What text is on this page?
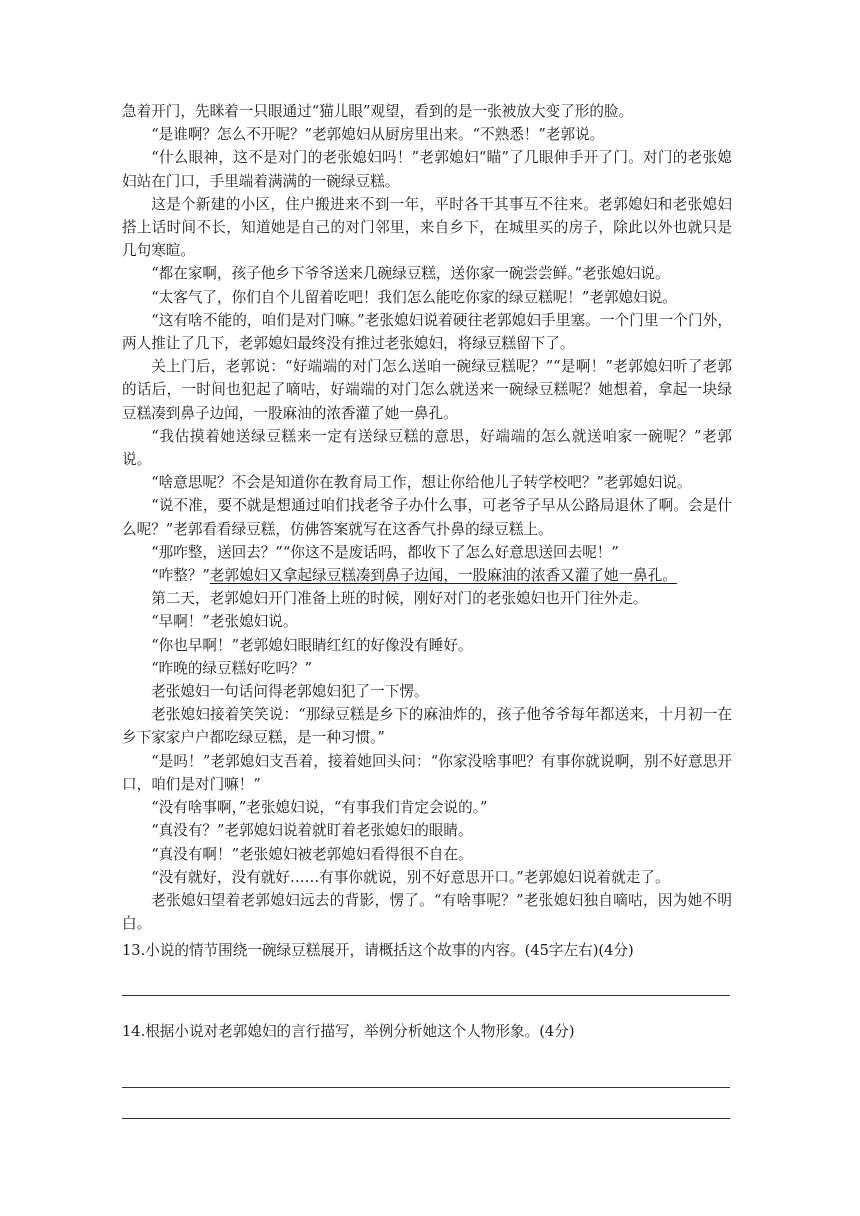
急着开门，先眯着一只眼通过“猫儿眼”观望，看到的是一张被放大变了形的脸。

“是谁啊？怎么不开呢？”老郭媳妇从厨房里出来。“不熟悉！”老郭说。

“什么眼神，这不是对门的老张媳妇吗！”老郭媳妇“瞄”了几眼伸手开了门。对门的老张媳妇站在门口，手里端着满满的一碗绿豆糕。

这是个新建的小区，住户搬进来不到一年，平时各干其事互不往来。老郭媳妇和老张媳妇搭上话时间不长，知道她是自己的对门邻里，来自乡下，在城里买的房子，除此以外也就只是几句寒暄。

“都在家啊，孩子他乡下爷爷送来几碗绿豆糕，送你家一碗尝尝鲜。”老张媳妇说。

“太客气了，你们自个儿留着吃吧！我们怎么能吃你家的绿豆糕呢！”老郭媳妇说。

“这有啥不能的，咱们是对门嘛。”老张媳妇说着硬往老郭媳妇手里塞。一个门里一个门外，两人推让了几下，老郭媳妇最终没有推过老张媳妇，将绿豆糕留下了。

关上门后，老郭说：“好端端的对门怎么送咱一碗绿豆糕呢？”“是啊！”老郭媳妇听了老郭的话后，一时间也犯起了嘀咕，好端端的对门怎么就送来一碗绿豆糕呢？她想着，拿起一块绿豆糕凑到鼻子边闻，一股麻油的浓香灌了她一鼻孔。

“我估摸着她送绿豆糕来一定有送绿豆糕的意思，好端端的怎么就送咱家一碗呢？”老郭说。

“啥意思呢？不会是知道你在教育局工作，想让你给他儿子转学校吧？”老郭媳妇说。

“说不准，要不就是想通过咱们找老爷子办什么事，可老爷子早从公路局退休了啊。会是什么呢？”老郭看看绿豆糕，仿佛答案就写在这香气扑鼻的绿豆糕上。

“那咋整，送回去？”“你这不是废话吗，都收下了怎么好意思送回去呢！”

“咋整？”老郭媳妇又拿起绿豆糕凑到鼻子边闻，一股麻油的浓香又灌了她一鼻孔。

第二天，老郭媳妇开门准备上班的时候，刚好对门的老张媳妇也开门往外走。

“早啊！”老张媳妇说。

“你也早啊！”老郭媳妇眼睛红红的好像没有睡好。

“昨晚的绿豆糕好吃吗？”

老张媳妇一句话问得老郭媳妇犯了一下愣。

老张媳妇接着笑笑说：“那绿豆糕是乡下的麻油炸的，孩子他爷爷每年都送来，十月初一在乡下家家户户都吃绿豆糕，是一种习惯。”

“是吗！”老郭媳妇支吾着，接着她回头问：“你家没啥事吧？有事你就说啊，别不好意思开口，咱们是对门嘛！”

“没有啥事啊，”老张媳妇说，“有事我们肯定会说的。”

“真没有？”老郭媳妇说着就盯着老张媳妇的眼睛。

“真没有啊！”老张媳妇被老郭媳妇看得很不自在。

“没有就好，没有就好……有事你就说，别不好意思开口。”老郭媳妇说着就走了。

老张媳妇望着老郭媳妇远去的背影，愣了。“有啥事呢？”老张媳妇独自嘀咕，因为她不明白。

13.小说的情节围绕一碗绿豆糕展开，请概括这个故事的内容。(45字左右)(4分)

14.根据小说对老郭媳妇的言行描写，举例分析她这个人物形象。(4分)
